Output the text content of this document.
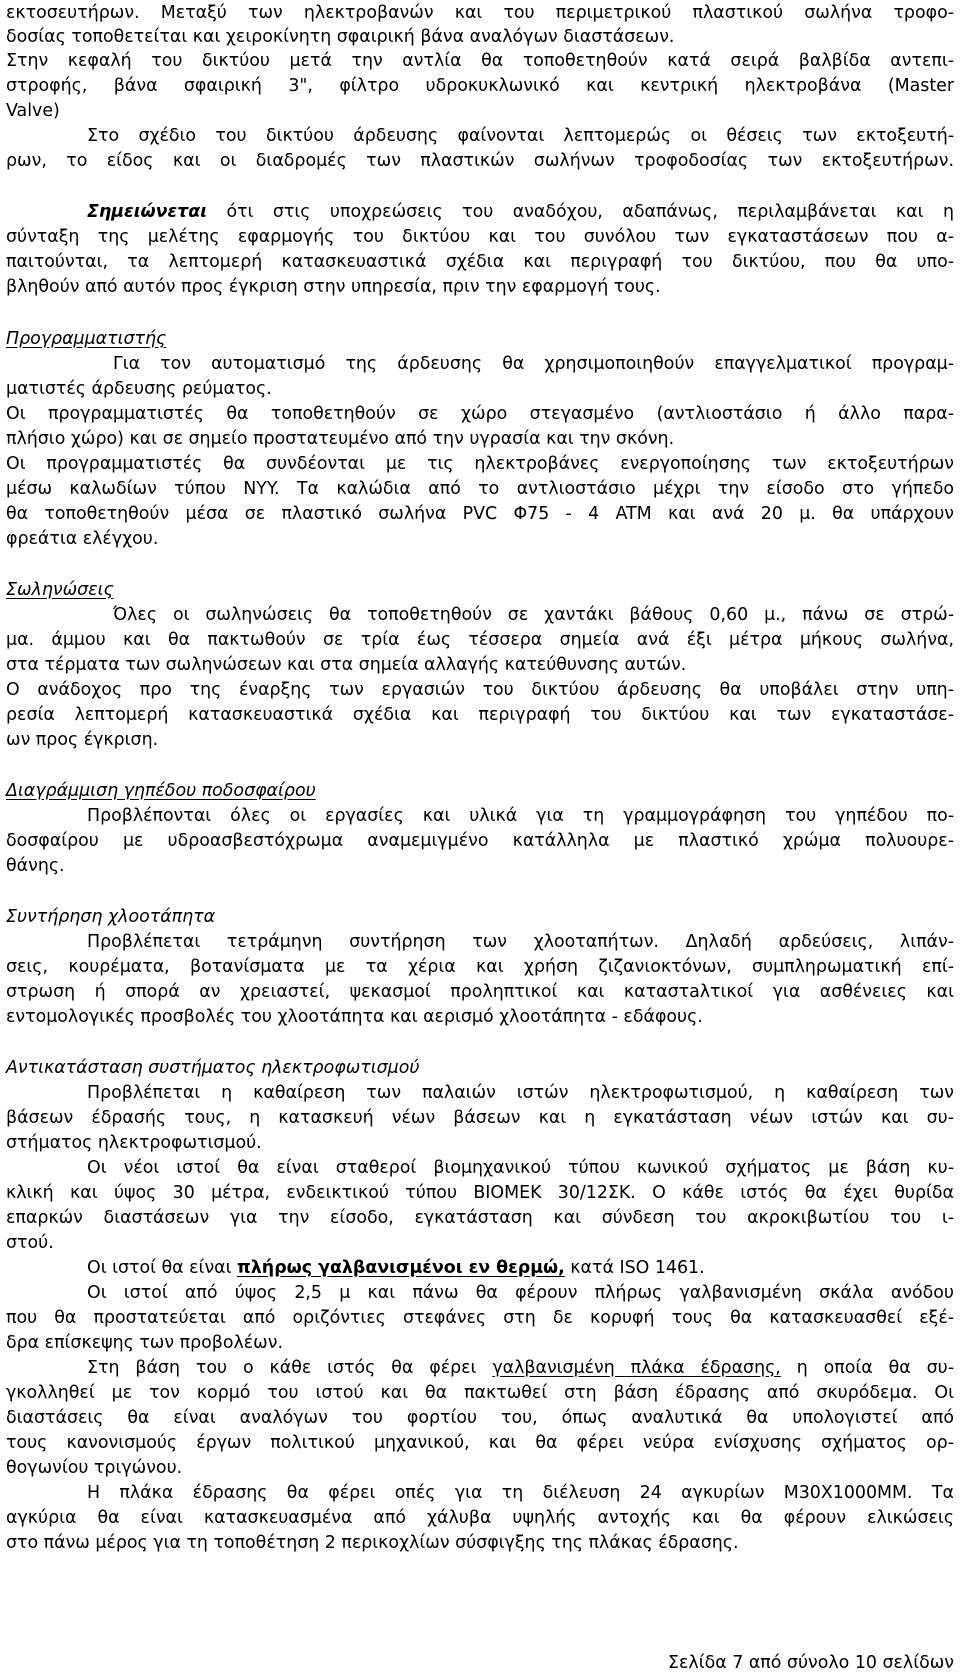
εκτοσευτήρων. Μεταξύ των ηλεκτροβανών και του περιμετρικού πλαστικού σωλήνα τροφο-
δοσίας τοποθετείται και χειροκίνητη σφαιρική βάνα αναλόγων διαστάσεων.
Στην κεφαλή του δικτύου μετά την αντλία θα τοποθετηθούν κατά σειρά βαλβίδα αντεπι-
στροφής, βάνα σφαιρική 3", φίλτρο υδροκυκλωνικό και κεντρική ηλεκτροβάνα (Master
Valve)
Στο σχέδιο του δικτύου άρδευσης φαίνονται λεπτομερώς οι θέσεις των εκτοξευτή-
ρων, το είδος και οι διαδρομές των πλαστικών σωλήνων τροφοδοσίας των εκτοξευτήρων.
Σημειώνεται ότι στις υποχρεώσεις του αναδόχου, αδαπάνως, περιλαμβάνεται και η
σύνταξη της μελέτης εφαρμογής του δικτύου και του συνόλου των εγκαταστάσεων που α-
παιτούνται, τα λεπτομερή κατασκευαστικά σχέδια και περιγραφή του δικτύου, που θα υπο-
βληθούν από αυτόν προς έγκριση στην υπηρεσία, πριν την εφαρμογή τους.
Προγραμματιστής
Για τον αυτοματισμό της άρδευσης θα χρησιμοποιηθούν επαγγελματικοί προγραμ-
ματιστές άρδευσης ρεύματος.
Οι προγραμματιστές θα τοποθετηθούν σε χώρο στεγασμένο (αντλιοστάσιο ή άλλο παρα-
πλήσιο χώρο) και σε σημείο προστατευμένο από την υγρασία και την σκόνη.
Οι προγραμματιστές θα συνδέονται με τις ηλεκτροβάνες ενεργοποίησης των εκτοξευτήρων
μέσω καλωδίων τύπου NYY. Τα καλώδια από το αντλιοστάσιο μέχρι την είσοδο στο γήπεδο
θα τοποθετηθούν μέσα σε πλαστικό σωλήνα PVC Φ75 - 4 ATM και ανά 20 μ. θα υπάρχουν
φρεάτια ελέγχου.
Σωληνώσεις
Όλες οι σωληνώσεις θα τοποθετηθούν σε χαντάκι βάθους 0,60 μ., πάνω σε στρώ-
μα. άμμου και θα πακτωθούν σε τρία έως τέσσερα σημεία ανά έξι μέτρα μήκους σωλήνα,
στα τέρματα των σωληνώσεων και στα σημεία αλλαγής κατεύθυνσης αυτών.
Ο ανάδοχος προ της έναρξης των εργασιών του δικτύου άρδευσης θα υποβάλει στην υπη-
ρεσία λεπτομερή κατασκευαστικά σχέδια και περιγραφή του δικτύου και των εγκαταστάσε-
ων προς έγκριση.
Διαγράμμιση γηπέδου ποδοσφαίρου
Προβλέπονται όλες οι εργασίες και υλικά για τη γραμμογράφηση του γηπέδου πο-
δοσφαίρου με υδροασβεστόχρωμα αναμεμιγμένο κατάλληλα με πλαστικό χρώμα πολυουρε-
θάνης.
Συντήρηση χλοοτάπητα
Προβλέπεται τετράμηνη συντήρηση των χλοοταπήτων. Δηλαδή αρδεύσεις, λιπάν-
σεις, κουρέματα, βοτανίσματα με τα χέρια και χρήση ζιζανιοκτόνων, συμπληρωματική επί-
στρωση ή σπορά αν χρειαστεί, ψεκασμοί προληπτικοί και καταστaλτικοί για ασθένειες και
εντομολογικές προσβολές του χλοοτάπητα και αερισμό χλοοτάπητα - εδάφους.
Αντικατάσταση συστήματος ηλεκτροφωτισμού
Προβλέπεται η καθαίρεση των παλαιών ιστών ηλεκτροφωτισμού, η καθαίρεση των
βάσεων έδρασής τους, η κατασκευή νέων βάσεων και η εγκατάσταση νέων ιστών και συ-
στήματος ηλεκτροφωτισμού.
Οι νέοι ιστοί θα είναι σταθεροί βιομηχανικού τύπου κωνικού σχήματος με βάση κυ-
κλική και ύψος 30 μέτρα, ενδεικτικού τύπου ΒΙΟΜΕΚ 30/12ΣΚ. Ο κάθε ιστός θα έχει θυρίδα
επαρκών διαστάσεων για την είσοδο, εγκατάσταση και σύνδεση του ακροκιβωτίου του ι-
στού.
Οι ιστοί θα είναι πλήρως γαλβανισμένοι εν θερμώ, κατά ISO 1461.
Οι ιστοί από ύψος 2,5 μ και πάνω θα φέρουν πλήρως γαλβανισμένη σκάλα ανόδου
που θα προστατεύεται από οριζόντιες στεφάνες στη δε κορυφή τους θα κατασκευασθεί εξέ-
δρα επίσκεψης των προβολέων.
Στη βάση του ο κάθε ιστός θα φέρει γαλβανισμένη πλάκα έδρασης, η οποία θα συ-
γκολληθεί με τον κορμό του ιστού και θα πακτωθεί στη βάση έδρασης από σκυρόδεμα. Οι
διαστάσεις θα είναι αναλόγων του φορτίου του, όπως αναλυτικά θα υπολογιστεί από
τους κανονισμούς έργων πολιτικού μηχανικού, και θα φέρει νεύρα ενίσχυσης σχήματος ορ-
θογωνίου τριγώνου.
Η πλάκα έδρασης θα φέρει οπές για τη διέλευση 24 αγκυρίων Μ30Χ1000ΜΜ. Τα
αγκύρια θα είναι κατασκευασμένα από χάλυβα υψηλής αντοχής και θα φέρουν ελικώσεις
στο πάνω μέρος για τη τοποθέτηση 2 περικοχλίων σύσφιγξης της πλάκας έδρασης.
Σελίδα 7 από σύνολο 10 σελίδων
